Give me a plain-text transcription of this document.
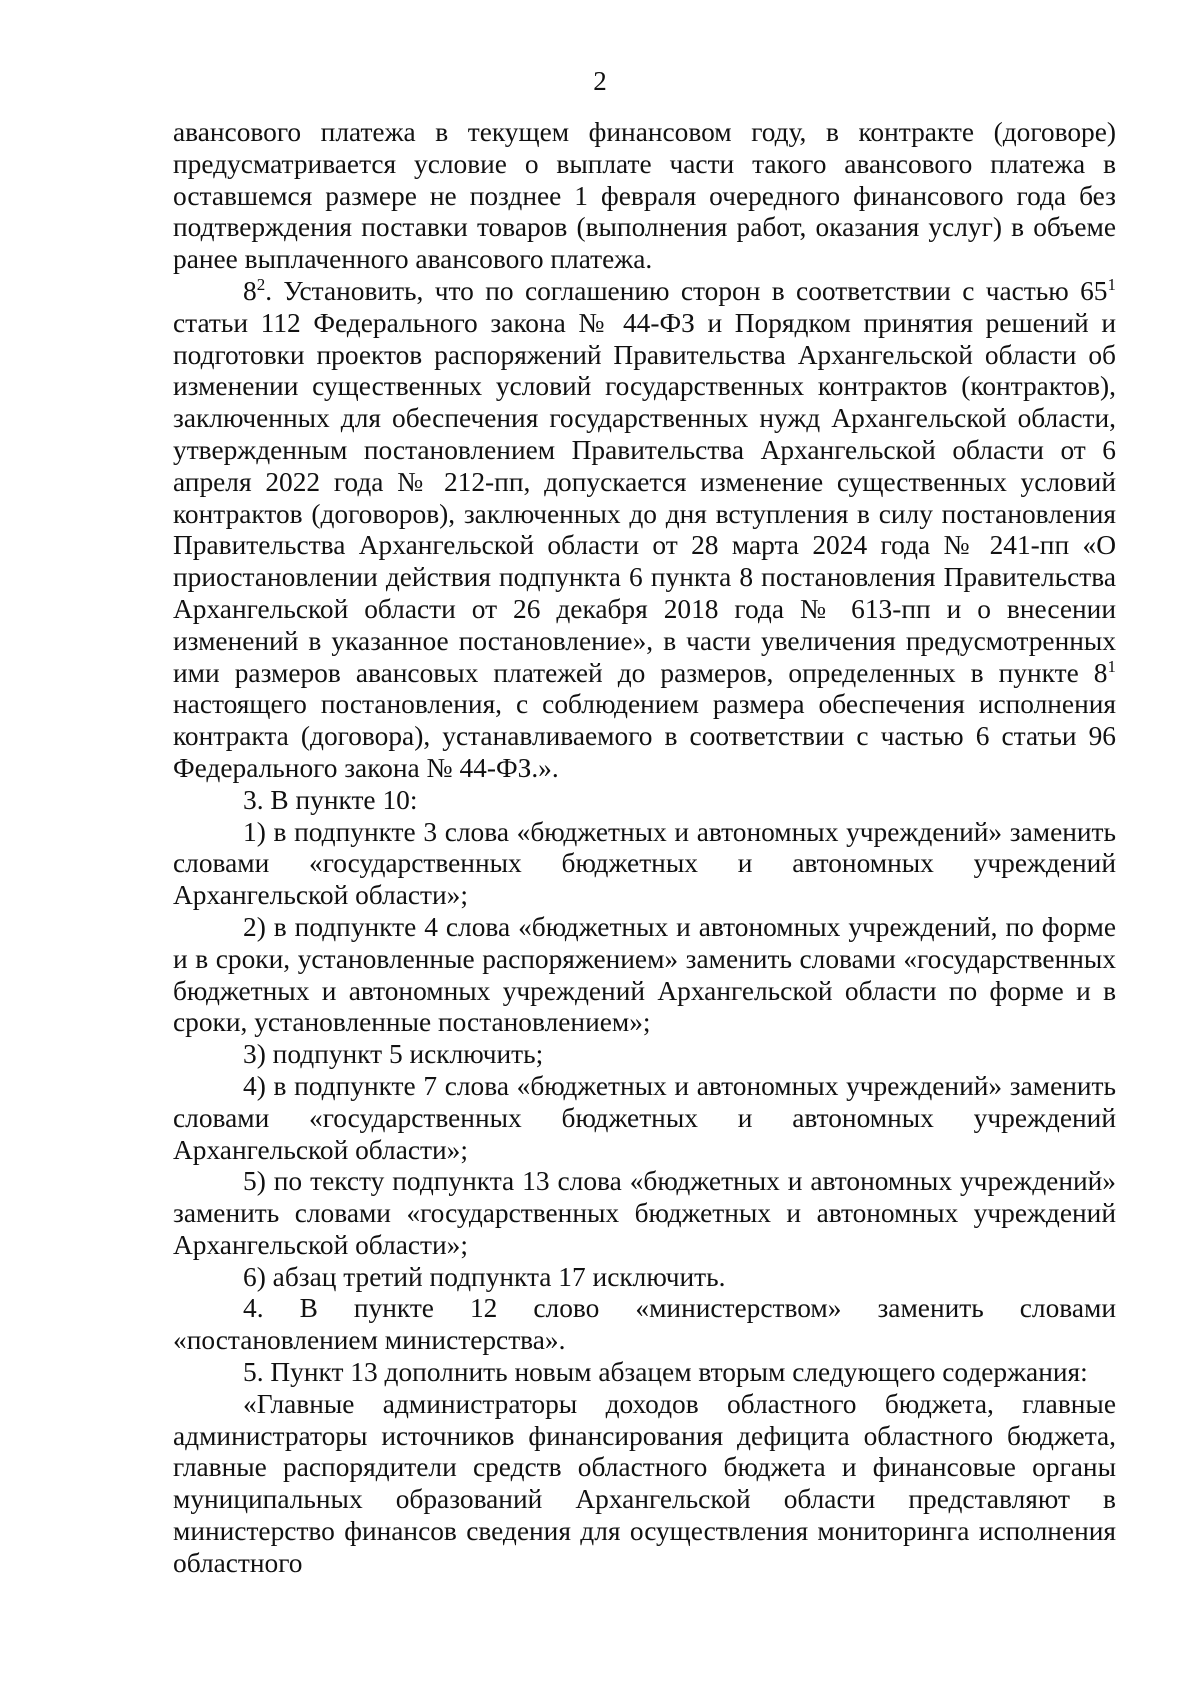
2

авансового платежа в текущем финансовом году, в контракте (договоре) предусматривается условие о выплате части такого авансового платежа в оставшемся размере не позднее 1 февраля очередного финансового года без подтверждения поставки товаров (выполнения работ, оказания услуг) в объеме ранее выплаченного авансового платежа.

$8^2$. Установить, что по соглашению сторон в соответствии с частью $65^1$ статьи 112 Федерального закона № 44-ФЗ и Порядком принятия решений и подготовки проектов распоряжений Правительства Архангельской области об изменении существенных условий государственных контрактов (контрактов), заключенных для обеспечения государственных нужд Архангельской области, утвержденным постановлением Правительства Архангельской области от 6 апреля 2022 года № 212-пп, допускается изменение существенных условий контрактов (договоров), заключенных до дня вступления в силу постановления Правительства Архангельской области от 28 марта 2024 года № 241-пп «О приостановлении действия подпункта 6 пункта 8 постановления Правительства Архангельской области от 26 декабря 2018 года № 613-пп и о внесении изменений в указанное постановление», в части увеличения предусмотренных ими размеров авансовых платежей до размеров, определенных в пункте $8^1$ настоящего постановления, с соблюдением размера обеспечения исполнения контракта (договора), устанавливаемого в соответствии с частью 6 статьи 96 Федерального закона № 44-ФЗ.».

3. В пункте 10:

1) в подпункте 3 слова «бюджетных и автономных учреждений» заменить словами «государственных бюджетных и автономных учреждений Архангельской области»;

2) в подпункте 4 слова «бюджетных и автономных учреждений, по форме и в сроки, установленные распоряжением» заменить словами «государственных бюджетных и автономных учреждений Архангельской области по форме и в сроки, установленные постановлением»;

3) подпункт 5 исключить;

4) в подпункте 7 слова «бюджетных и автономных учреждений» заменить словами «государственных бюджетных и автономных учреждений Архангельской области»;

5) по тексту подпункта 13 слова «бюджетных и автономных учреждений» заменить словами «государственных бюджетных и автономных учреждений Архангельской области»;

6) абзац третий подпункта 17 исключить.

4. В пункте 12 слово «министерством» заменить словами «постановлением министерства».

5. Пункт 13 дополнить новым абзацем вторым следующего содержания:

«Главные администраторы доходов областного бюджета, главные администраторы источников финансирования дефицита областного бюджета, главные распорядители средств областного бюджета и финансовые органы муниципальных образований Архангельской области представляют в министерство финансов сведения для осуществления мониторинга исполнения областного
